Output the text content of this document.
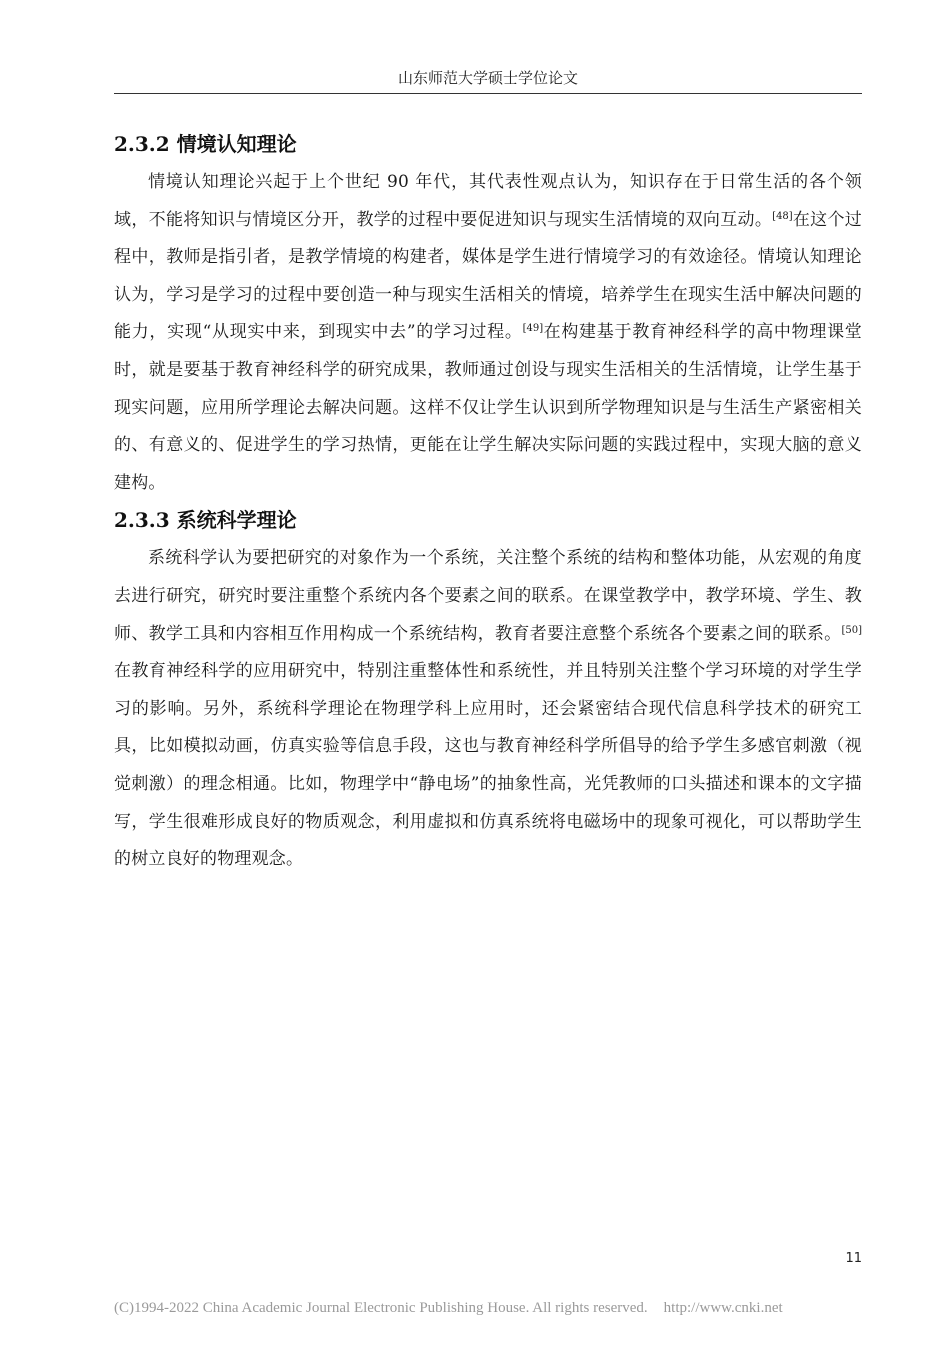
山东师范大学硕士学位论文
2.3.2 情境认知理论

情境认知理论兴起于上个世纪 90 年代，其代表性观点认为，知识存在于日常生活的各个领域，不能将知识与情境区分开，教学的过程中要促进知识与现实生活情境的双向互动。[48]在这个过程中，教师是指引者，是教学情境的构建者，媒体是学生进行情境学习的有效途径。情境认知理论认为，学习是学习的过程中要创造一种与现实生活相关的情境，培养学生在现实生活中解决问题的能力，实现“从现实中来，到现实中去”的学习过程。[49]在构建基于教育神经科学的高中物理课堂时，就是要基于教育神经科学的研究成果，教师通过创设与现实生活相关的生活情境，让学生基于现实问题，应用所学理论去解决问题。这样不仅让学生认识到所学物理知识是与生活生产紧密相关的、有意义的、促进学生的学习热情，更能在让学生解决实际问题的实践过程中，实现大脑的意义建构。

2.3.3 系统科学理论

系统科学认为要把研究的对象作为一个系统，关注整个系统的结构和整体功能，从宏观的角度去进行研究，研究时要注重整个系统内各个要素之间的联系。在课堂教学中，教学环境、学生、教师、教学工具和内容相互作用构成一个系统结构，教育者要注意整个系统各个要素之间的联系。[50]在教育神经科学的应用研究中，特别注重整体性和系统性，并且特别关注整个学习环境的对学生学习的影响。另外，系统科学理论在物理学科上应用时，还会紧密结合现代信息科学技术的研究工具，比如模拟动画，仿真实验等信息手段，这也与教育神经科学所倡导的给予学生多感官刺激（视觉刺激）的理念相通。比如，物理学中“静电场”的抽象性高，光凭教师的口头描述和课本的文字描写，学生很难形成良好的物质观念，利用虚拟和仿真系统将电磁场中的现象可视化，可以帮助学生的树立良好的物理观念。

11
(C)1994-2022 China Academic Journal Electronic Publishing House. All rights reserved. http://www.cnki.net
